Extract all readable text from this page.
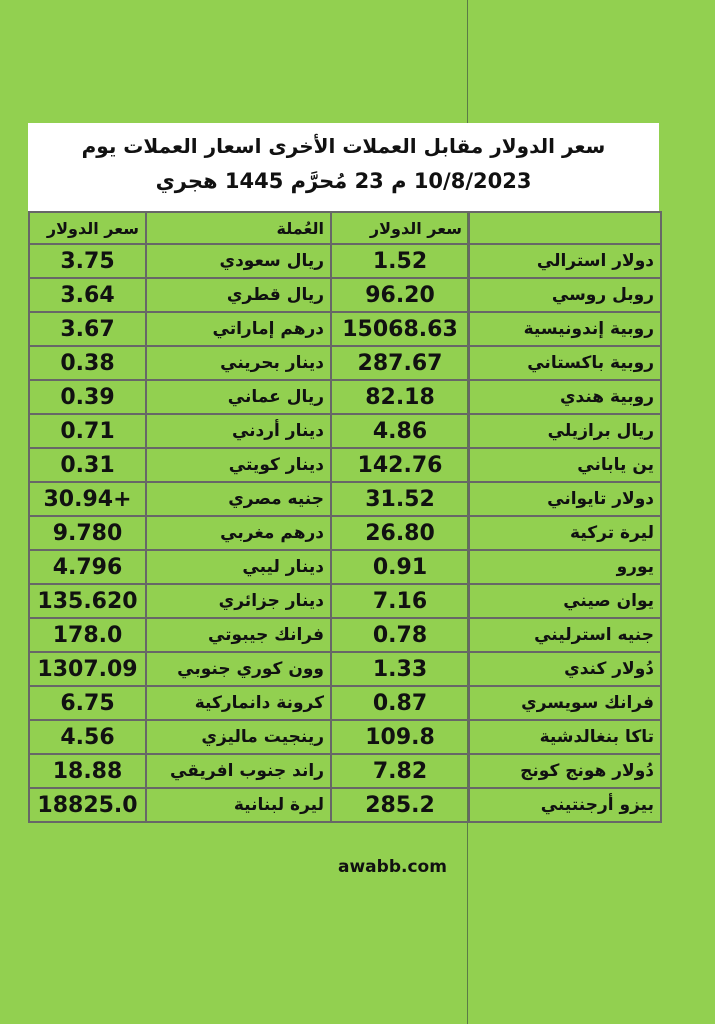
سعر الدولار مقابل العملات الأخرى اسعار العملات يوم
10/8/2023 م 23 مُحرَّم 1445 هجري
سعر الدولار	العُملة	سعر الدولار	
3.75	ريال سعودي	1.52	دولار استرالي
3.64	ريال قطري	96.20	روبل روسي
3.67	درهم إماراتي	15068.63	روبية إندونيسية
0.38	دينار بحريني	287.67	روبية باكستاني
0.39	ريال عماني	82.18	روبية هندي
0.71	دينار أردني	4.86	ريال برازيلي
0.31	دينار كويتي	142.76	ين ياباني
30.94+	جنيه مصري	31.52	دولار تايواني
9.780	درهم مغربي	26.80	ليرة تركية
4.796	دينار ليبي	0.91	يورو
135.620	دينار جزائري	7.16	يوان صيني
178.0	فرانك جيبوتي	0.78	جنيه استرليني
1307.09	وون كوري جنوبي	1.33	دُولار كندي
6.75	كرونة دانماركية	0.87	فرانك سويسري
4.56	رينجيت ماليزي	109.8	تاكا بنغالدشية
18.88	راند جنوب افريقي	7.82	دُولار هونج كونج
18825.0	ليرة لبنانية	285.2	بيزو أرجنتيني
awabb.com
